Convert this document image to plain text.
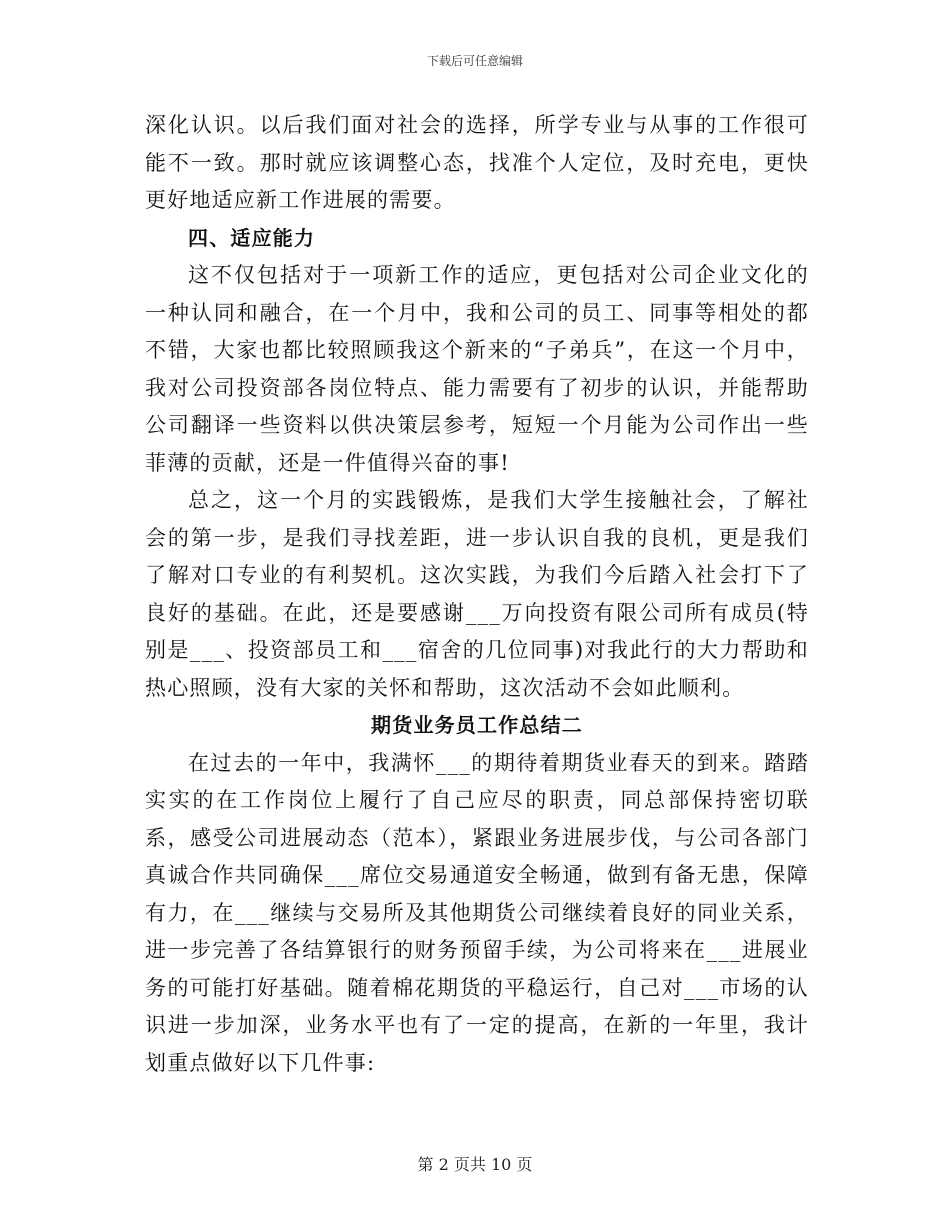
下载后可任意编辑

深化认识。以后我们面对社会的选择，所学专业与从事的工作很可能不一致。那时就应该调整心态，找准个人定位，及时充电，更快更好地适应新工作进展的需要。

四、适应能力

这不仅包括对于一项新工作的适应，更包括对公司企业文化的一种认同和融合，在一个月中，我和公司的员工、同事等相处的都不错，大家也都比较照顾我这个新来的“子弟兵”，在这一个月中，我对公司投资部各岗位特点、能力需要有了初步的认识，并能帮助公司翻译一些资料以供决策层参考，短短一个月能为公司作出一些菲薄的贡献，还是一件值得兴奋的事!

总之，这一个月的实践锻炼，是我们大学生接触社会，了解社会的第一步，是我们寻找差距，进一步认识自我的良机，更是我们了解对口专业的有利契机。这次实践，为我们今后踏入社会打下了良好的基础。在此，还是要感谢___万向投资有限公司所有成员(特别是___、投资部员工和___宿舍的几位同事)对我此行的大力帮助和热心照顾，没有大家的关怀和帮助，这次活动不会如此顺利。

期货业务员工作总结二

在过去的一年中，我满怀___的期待着期货业春天的到来。踏踏实实的在工作岗位上履行了自己应尽的职责，同总部保持密切联系，感受公司进展动态（范本），紧跟业务进展步伐，与公司各部门真诚合作共同确保___席位交易通道安全畅通，做到有备无患，保障有力，在___继续与交易所及其他期货公司继续着良好的同业关系，进一步完善了各结算银行的财务预留手续，为公司将来在___进展业务的可能打好基础。随着棉花期货的平稳运行，自己对___市场的认识进一步加深，业务水平也有了一定的提高，在新的一年里，我计划重点做好以下几件事:

第 2 页共 10 页
